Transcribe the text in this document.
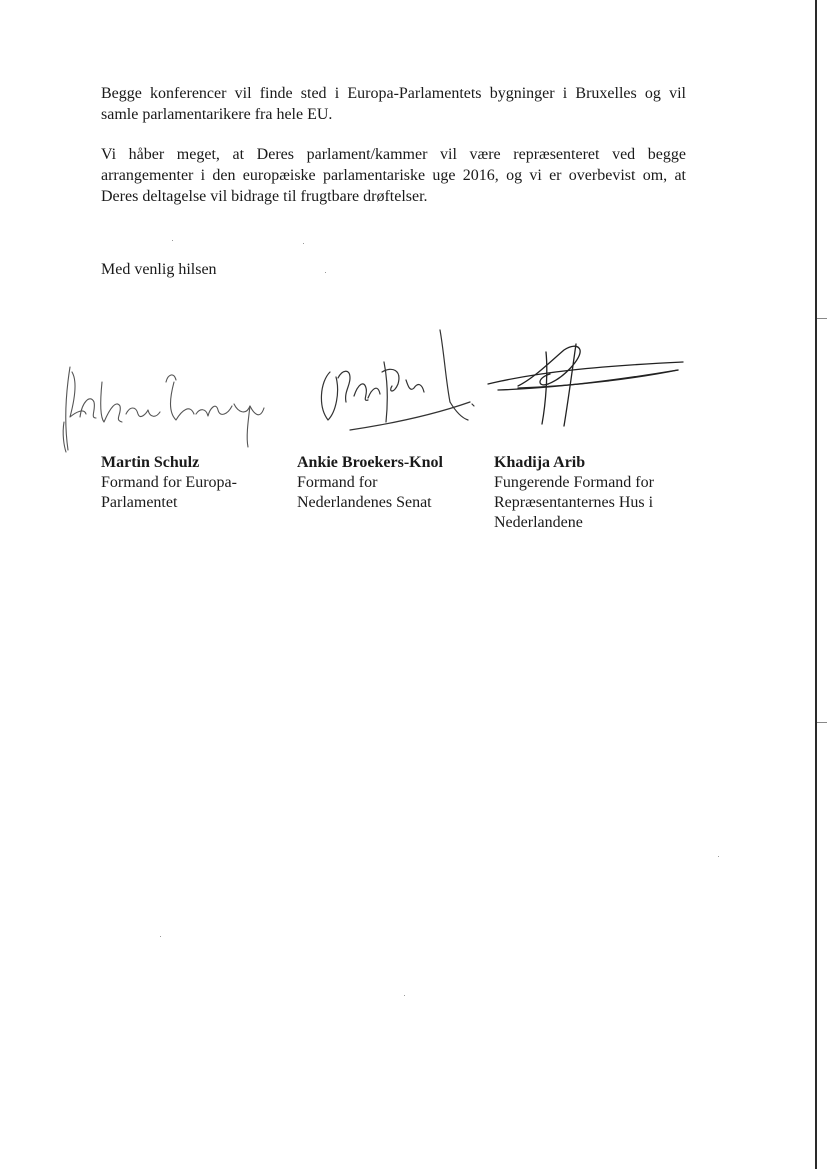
Begge konferencer vil finde sted i Europa-Parlamentets bygninger i Bruxelles og vil
samle parlamentarikere fra hele EU.

Vi håber meget, at Deres parlament/kammer vil være repræsenteret ved begge
arrangementer i den europæiske parlamentariske uge 2016, og vi er overbevist om, at
Deres deltagelse vil bidrage til frugtbare drøftelser.

Med venlig hilsen

Martin Schulz
Formand for Europa-
Parlamentet
Ankie Broekers-Knol
Formand for
Nederlandenes Senat
Khadija Arib
Fungerende Formand for
Repræsentanternes Hus i
Nederlandene
